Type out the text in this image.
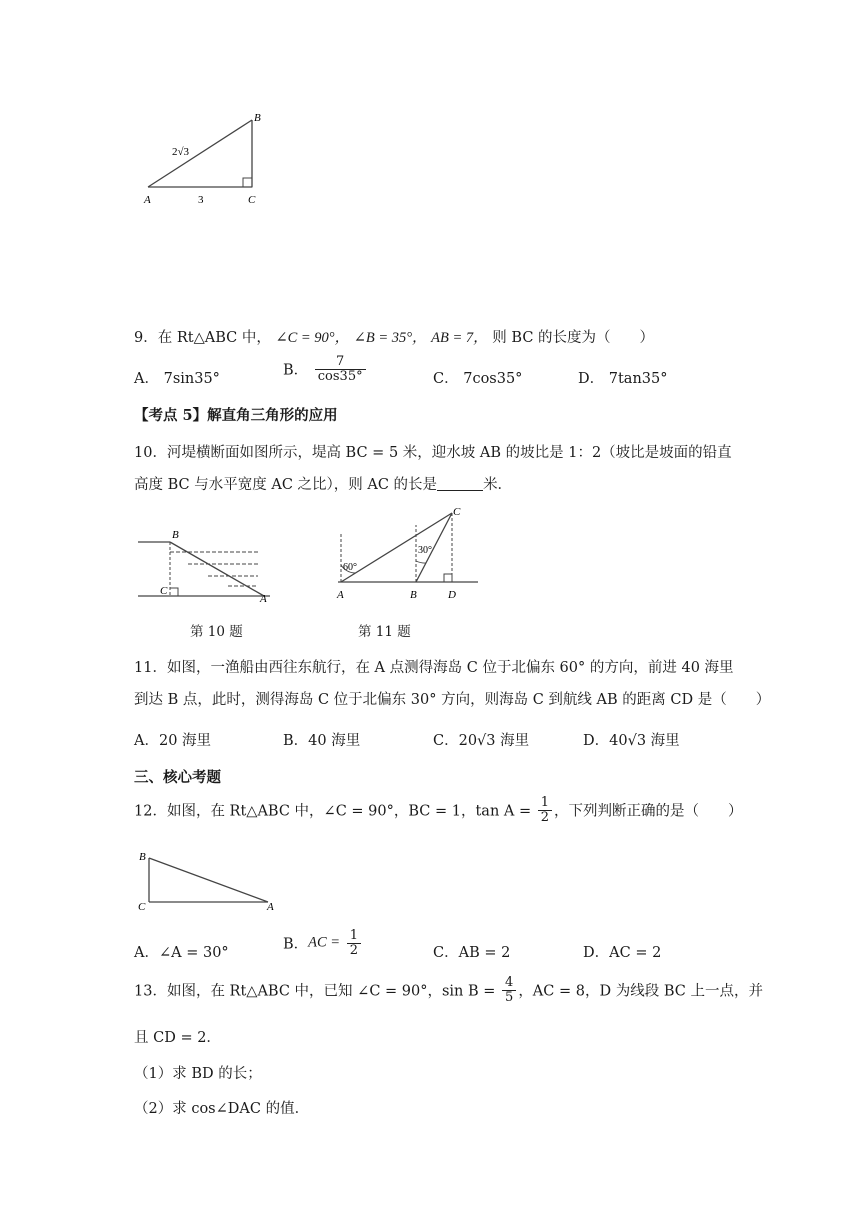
B
A	C
2√3
3
9．在 Rt△ABC 中， ∠C = 90°， ∠B = 35°， AB = 7， 则 BC 的长度为（　　）
A． 7sin35°
B． $\frac{7}{\cos 35^\circ}$	C． 7cos35°	D． 7tan35°
【考点 5】解直角三角形的应用
10．河堤横断面如图所示，堤高 BC = 5 米，迎水坡 AB 的坡比是 1：2（坡比是坡面的铅直
高度 BC 与水平宽度 AC 之比），则 AC 的长是	米．
B
C
A
第 10 题
60°
30°
C
A	B	D
第 11 题
11．如图，一渔船由西往东航行，在 A 点测得海岛 C 位于北偏东 60° 的方向，前进 40 海里
到达 B 点，此时，测得海岛 C 位于北偏东 30° 方向，则海岛 C 到航线 AB 的距离 CD 是（　　）
A．20 海里	B．40 海里	C．20√3 海里	D．40√3 海里
三、核心考题
12．如图，在 Rt△ABC 中，∠C = 90°，BC = 1，$\tan A = \frac{1}{2}$ ，下列判断正确的是（　　）
B
C	A
A．∠A = 30°
B．AC = $\frac{1}{2}$	C．AB = 2	D．AC = 2
13．如图，在 Rt△ABC 中，已知 ∠C = 90°，$\sin B = \frac{4}{5}$ ，AC = 8，D 为线段 BC 上一点，并
且 CD = 2．
（1）求 BD 的长；
（2）求 cos∠DAC 的值．
